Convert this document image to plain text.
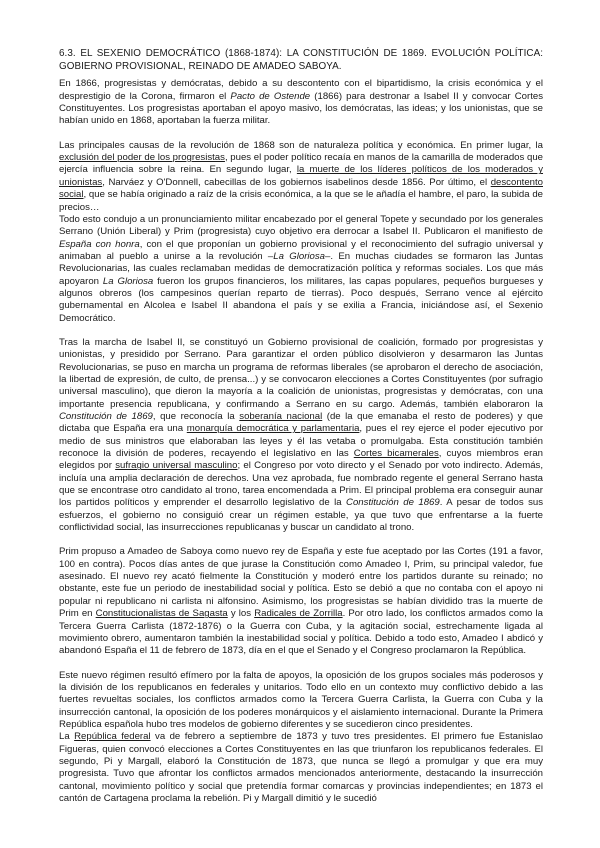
6.3. EL SEXENIO DEMOCRÁTICO (1868-1874): LA CONSTITUCIÓN DE 1869. EVOLUCIÓN POLÍTICA: GOBIERNO PROVISIONAL, REINADO DE AMADEO SABOYA.

En 1866, progresistas y demócratas, debido a su descontento con el bipartidismo, la crisis económica y el desprestigio de la Corona, firmaron el Pacto de Ostende (1866) para destronar a Isabel II y convocar Cortes Constituyentes. Los progresistas aportaban el apoyo masivo, los demócratas, las ideas; y los unionistas, que se habían unido en 1868, aportaban la fuerza militar.

Las principales causas de la revolución de 1868 son de naturaleza política y económica. En primer lugar, la exclusión del poder de los progresistas, pues el poder político recaía en manos de la camarilla de moderados que ejercía influencia sobre la reina. En segundo lugar, la muerte de los líderes políticos de los moderados y unionistas, Narváez y O'Donnell, cabecillas de los gobiernos isabelinos desde 1856. Por último, el descontento social, que se había originado a raíz de la crisis económica, a la que se le añadía el hambre, el paro, la subida de precios…

Todo esto condujo a un pronunciamiento militar encabezado por el general Topete y secundado por los generales Serrano (Unión Liberal) y Prim (progresista) cuyo objetivo era derrocar a Isabel II. Publicaron el manifiesto de España con honra, con el que proponían un gobierno provisional y el reconocimiento del sufragio universal y animaban al pueblo a unirse a la revolución –La Gloriosa–. En muchas ciudades se formaron las Juntas Revolucionarias, las cuales reclamaban medidas de democratización política y reformas sociales. Los que más apoyaron La Gloriosa fueron los grupos financieros, los militares, las capas populares, pequeños burgueses y algunos obreros (los campesinos querían reparto de tierras). Poco después, Serrano vence al ejército gubernamental en Alcolea e Isabel II abandona el país y se exilia a Francia, iniciándose así, el Sexenio Democrático.

Tras la marcha de Isabel II, se constituyó un Gobierno provisional de coalición, formado por progresistas y unionistas, y presidido por Serrano. Para garantizar el orden público disolvieron y desarmaron las Juntas Revolucionarias, se puso en marcha un programa de reformas liberales (se aprobaron el derecho de asociación, la libertad de expresión, de culto, de prensa...) y se convocaron elecciones a Cortes Constituyentes (por sufragio universal masculino), que dieron la mayoría a la coalición de unionistas, progresistas y demócratas, con una importante presencia republicana, y confirmando a Serrano en su cargo. Además, también elaboraron la Constitución de 1869, que reconocía la soberanía nacional (de la que emanaba el resto de poderes) y que dictaba que España era una monarquía democrática y parlamentaria, pues el rey ejerce el poder ejecutivo por medio de sus ministros que elaboraban las leyes y él las vetaba o promulgaba. Esta constitución también reconoce la división de poderes, recayendo el legislativo en las Cortes bicamerales, cuyos miembros eran elegidos por sufragio universal masculino; el Congreso por voto directo y el Senado por voto indirecto. Además, incluía una amplia declaración de derechos. Una vez aprobada, fue nombrado regente el general Serrano hasta que se encontrase otro candidato al trono, tarea encomendada a Prim. El principal problema era conseguir aunar los partidos políticos y emprender el desarrollo legislativo de la Constitución de 1869. A pesar de todos sus esfuerzos, el gobierno no consiguió crear un régimen estable, ya que tuvo que enfrentarse a la fuerte conflictividad social, las insurrecciones republicanas y buscar un candidato al trono.

Prim propuso a Amadeo de Saboya como nuevo rey de España y este fue aceptado por las Cortes (191 a favor, 100 en contra). Pocos días antes de que jurase la Constitución como Amadeo I, Prim, su principal valedor, fue asesinado. El nuevo rey acató fielmente la Constitución y moderó entre los partidos durante su reinado; no obstante, este fue un periodo de inestabilidad social y política. Esto se debió a que no contaba con el apoyo ni popular ni republicano ni carlista ni alfonsino. Asimismo, los progresistas se habían dividido tras la muerte de Prim en Constitucionalistas de Sagasta y los Radicales de Zorrilla. Por otro lado, los conflictos armados como la Tercera Guerra Carlista (1872-1876) o la Guerra con Cuba, y la agitación social, estrechamente ligada al movimiento obrero, aumentaron también la inestabilidad social y política. Debido a todo esto, Amadeo I abdicó y abandonó España el 11 de febrero de 1873, día en el que el Senado y el Congreso proclamaron la República.

Este nuevo régimen resultó efímero por la falta de apoyos, la oposición de los grupos sociales más poderosos y la división de los republicanos en federales y unitarios. Todo ello en un contexto muy conflictivo debido a las fuertes revueltas sociales, los conflictos armados como la Tercera Guerra Carlista, la Guerra con Cuba y la insurrección cantonal, la oposición de los poderes monárquicos y el aislamiento internacional. Durante la Primera República española hubo tres modelos de gobierno diferentes y se sucedieron cinco presidentes.

La República federal va de febrero a septiembre de 1873 y tuvo tres presidentes. El primero fue Estanislao Figueras, quien convocó elecciones a Cortes Constituyentes en las que triunfaron los republicanos federales. El segundo, Pi y Margall, elaboró la Constitución de 1873, que nunca se llegó a promulgar y que era muy progresista. Tuvo que afrontar los conflictos armados mencionados anteriormente, destacando la insurrección cantonal, movimiento político y social que pretendía formar comarcas y provincias independientes; en 1873 el cantón de Cartagena proclama la rebelión. Pi y Margall dimitió y le sucedió
